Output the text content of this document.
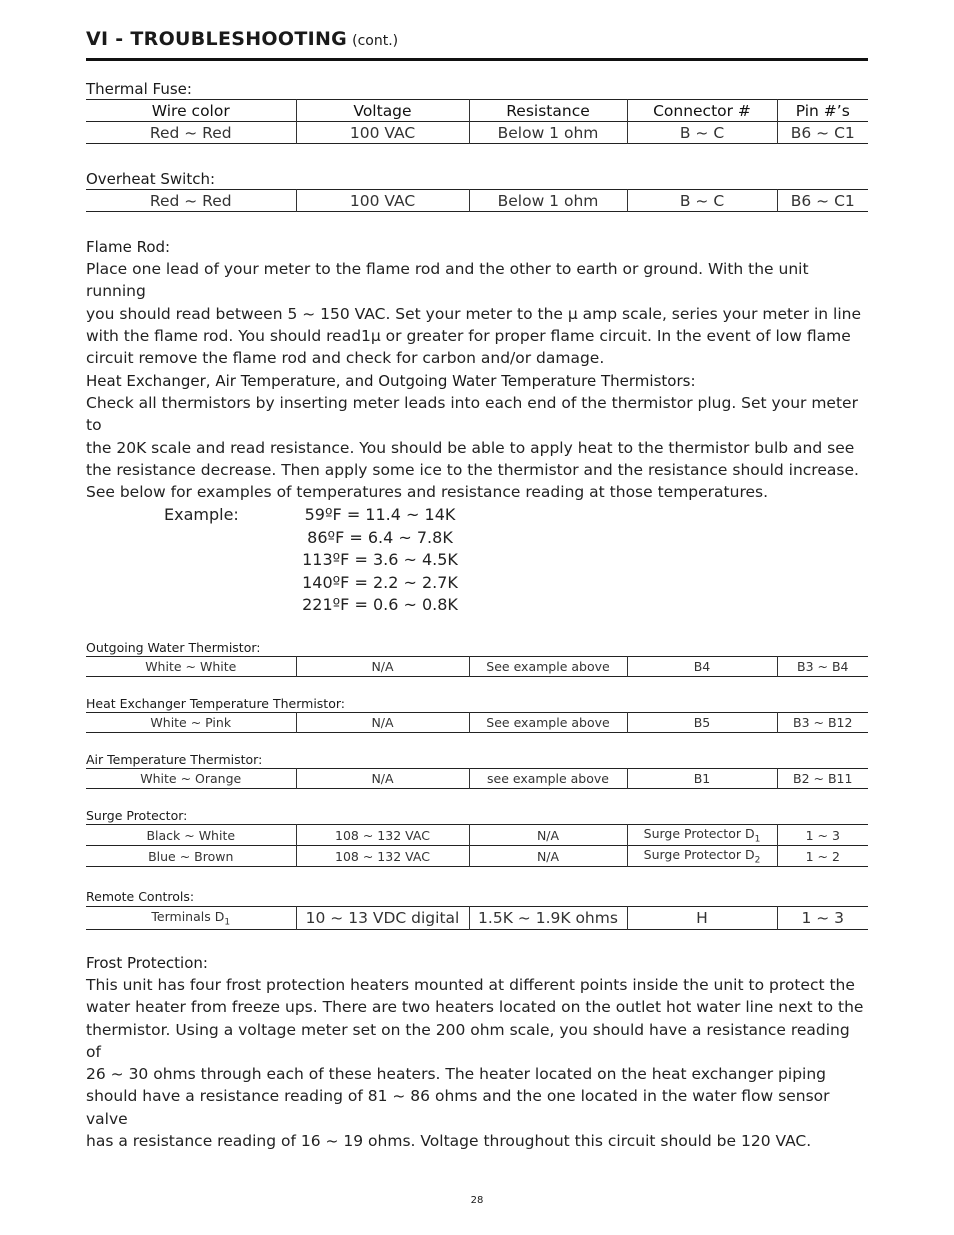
VI - TROUBLESHOOTING (cont.)
Thermal Fuse:
Wire color	Voltage	Resistance	Connector #	Pin #’s
Red ~ Red	100 VAC	Below 1 ohm	B ~ C	B6 ~ C1
Overheat Switch:
Red ~ Red	100 VAC	Below 1 ohm	B ~ C	B6 ~ C1
Flame Rod:
Place one lead of your meter to the flame rod and the other to earth or ground. With the unit running
you should read between 5 ~ 150 VAC. Set your meter to the µ amp scale, series your meter in line
with the flame rod. You should read1µ or greater for proper flame circuit. In the event of low flame
circuit remove the flame rod and check for carbon and/or damage.
Heat Exchanger, Air Temperature, and Outgoing Water Temperature Thermistors:
Check all thermistors by inserting meter leads into each end of the thermistor plug. Set your meter to
the 20K scale and read resistance. You should be able to apply heat to the thermistor bulb and see
the resistance decrease. Then apply some ice to the thermistor and the resistance should increase.
See below for examples of temperatures and resistance reading at those temperatures.
Example:	59ºF = 11.4 ~ 14K
86ºF = 6.4 ~ 7.8K
113ºF = 3.6 ~ 4.5K
140ºF = 2.2 ~ 2.7K
221ºF = 0.6 ~ 0.8K
Outgoing Water Thermistor:
White ~ White	N/A	See example above	B4	B3 ~ B4
Heat Exchanger Temperature Thermistor:
White ~ Pink	N/A	See example above	B5	B3 ~ B12
Air Temperature Thermistor:
White ~ Orange	N/A	see example above	B1	B2 ~ B11
Surge Protector:
Black ~ White	108 ~ 132 VAC	N/A	Surge Protector $D_1$	1 ~ 3
Blue ~ Brown	108 ~ 132 VAC	N/A	Surge Protector $D_2$	1 ~ 2
Remote Controls:
Terminals $D_1$	10 ~ 13 VDC digital	1.5K ~ 1.9K ohms	H	1 ~ 3
Frost Protection:
This unit has four frost protection heaters mounted at different points inside the unit to protect the
water heater from freeze ups. There are two heaters located on the outlet hot water line next to the
thermistor. Using a voltage meter set on the 200 ohm scale, you should have a resistance reading of
26 ~ 30 ohms through each of these heaters. The heater located on the heat exchanger piping
should have a resistance reading of 81 ~ 86 ohms and the one located in the water flow sensor valve
has a resistance reading of 16 ~ 19 ohms. Voltage throughout this circuit should be 120 VAC.
28
